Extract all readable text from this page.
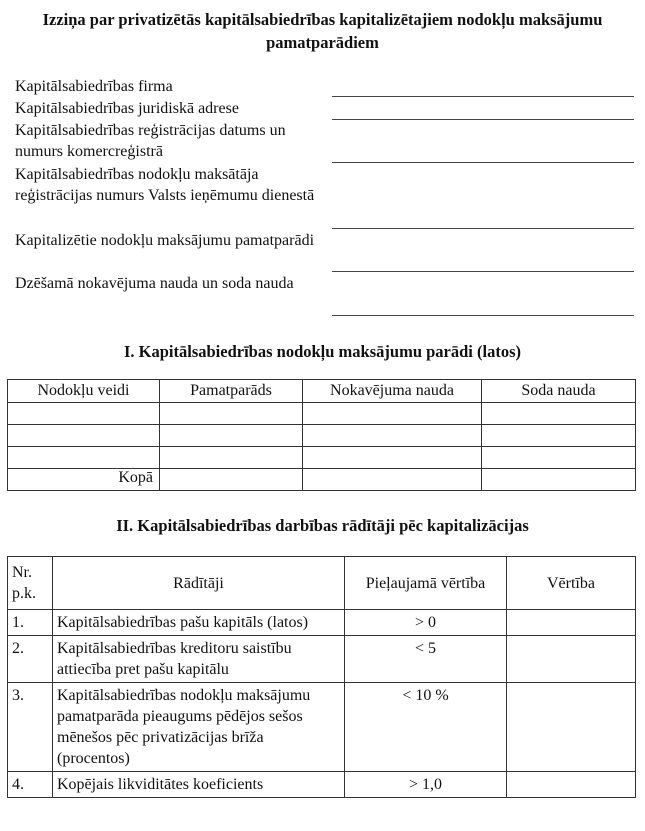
Izziņa par privatizētās kapitālsabiedrības kapitalizētajiem nodokļu maksājumu pamatparādiem
Kapitālsabiedrības firma
Kapitālsabiedrības juridiskā adrese
Kapitālsabiedrības reģistrācijas datums un numurs komercreģistrā
Kapitālsabiedrības nodokļu maksātāja reģistrācijas numurs Valsts ieņēmumu dienestā
Kapitalizētie nodokļu maksājumu pamatparādi
Dzēšamā nokavējuma nauda un soda nauda
I. Kapitālsabiedrības nodokļu maksājumu parādi (latos)
Nodokļu veidi	Pamatparāds	Nokavējuma nauda	Soda nauda

Kopā			
II. Kapitālsabiedrības darbības rādītāji pēc kapitalizācijas
Nr. p.k.	Rādītāji	Pieļaujamā vērtība	Vērtība
1.	Kapitālsabiedrības pašu kapitāls (latos)	> 0	
2.	Kapitālsabiedrības kreditoru saistību attiecība pret pašu kapitālu	< 5	
3.	Kapitālsabiedrības nodokļu maksājumu pamatparāda pieaugums pēdējos sešos mēnešos pēc privatizācijas brīža (procentos)	< 10 %	
4.	Kopējais likviditātes koeficients	> 1,0	
